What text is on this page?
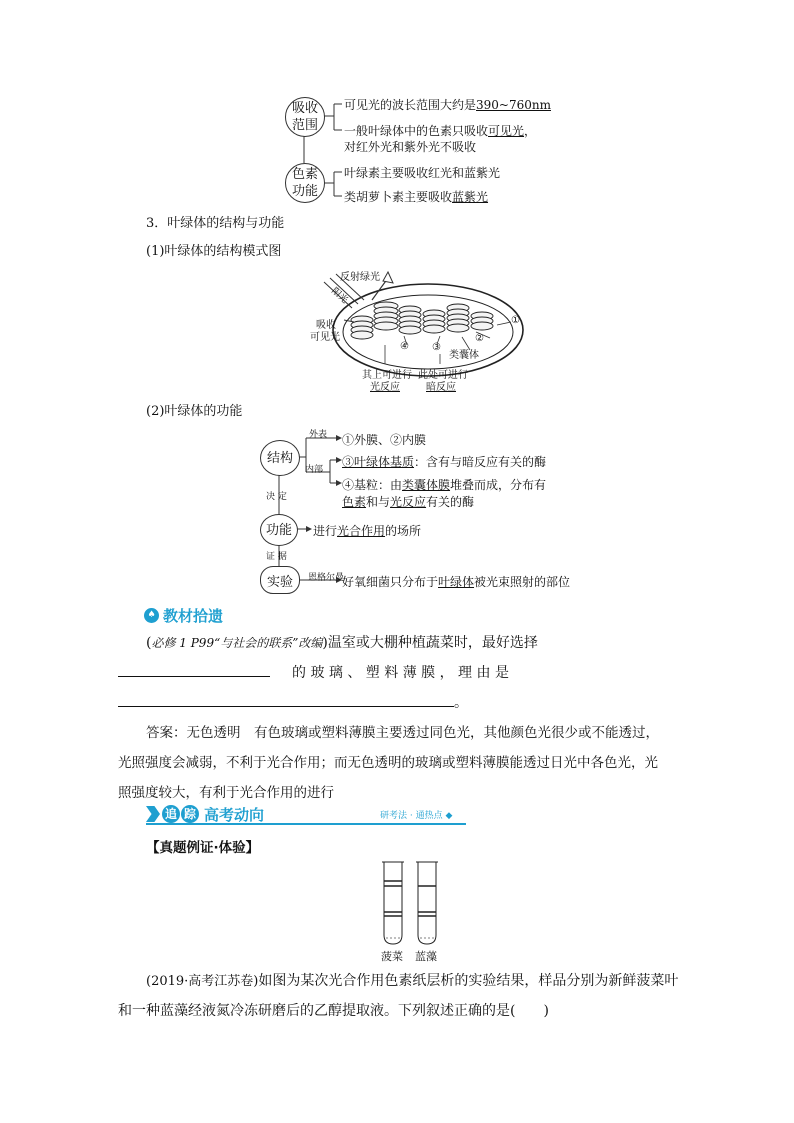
吸收
范围
色素
功能
可见光的波长范围大约是390~760nm
一般叶绿体中的色素只吸收可见光，
对红外光和紫外光不吸收
叶绿素主要吸收红光和蓝紫光
类胡萝卜素主要吸收蓝紫光
3．叶绿体的结构与功能
(1)叶绿体的结构模式图
反射绿光
阳光
吸收
可见光
①
②
③
④
类囊体
其上可进行
光反应
此处可进行
暗反应
(2)叶绿体的功能
结构
功能
实验
外表
内部
决 定
证 据
恩格尔曼
①外膜、②内膜
③叶绿体基质：含有与暗反应有关的酶
④基粒：由类囊体膜堆叠而成，分布有
色素和与光反应有关的酶
进行光合作用的场所
好氧细菌只分布于叶绿体被光束照射的部位
♠ 教材拾遗
(必修 1 P99“与社会的联系”改编)温室或大棚种植蔬菜时，最好选择
的 玻 璃 、 塑 料 薄 膜 ， 理 由 是
。
答案：无色透明　有色玻璃或塑料薄膜主要透过同色光，其他颜色光很少或不能透过，
光照强度会减弱，不利于光合作用；而无色透明的玻璃或塑料薄膜能透过日光中各色光，光
照强度较大，有利于光合作用的进行
追 踪 高考动向	研考法 · 通热点 ◆
【真题例证·体验】
菠菜 蓝藻
(2019·高考江苏卷)如图为某次光合作用色素纸层析的实验结果，样品分别为新鲜菠菜叶
和一种蓝藻经液氮冷冻研磨后的乙醇提取液。下列叙述正确的是(　　)
